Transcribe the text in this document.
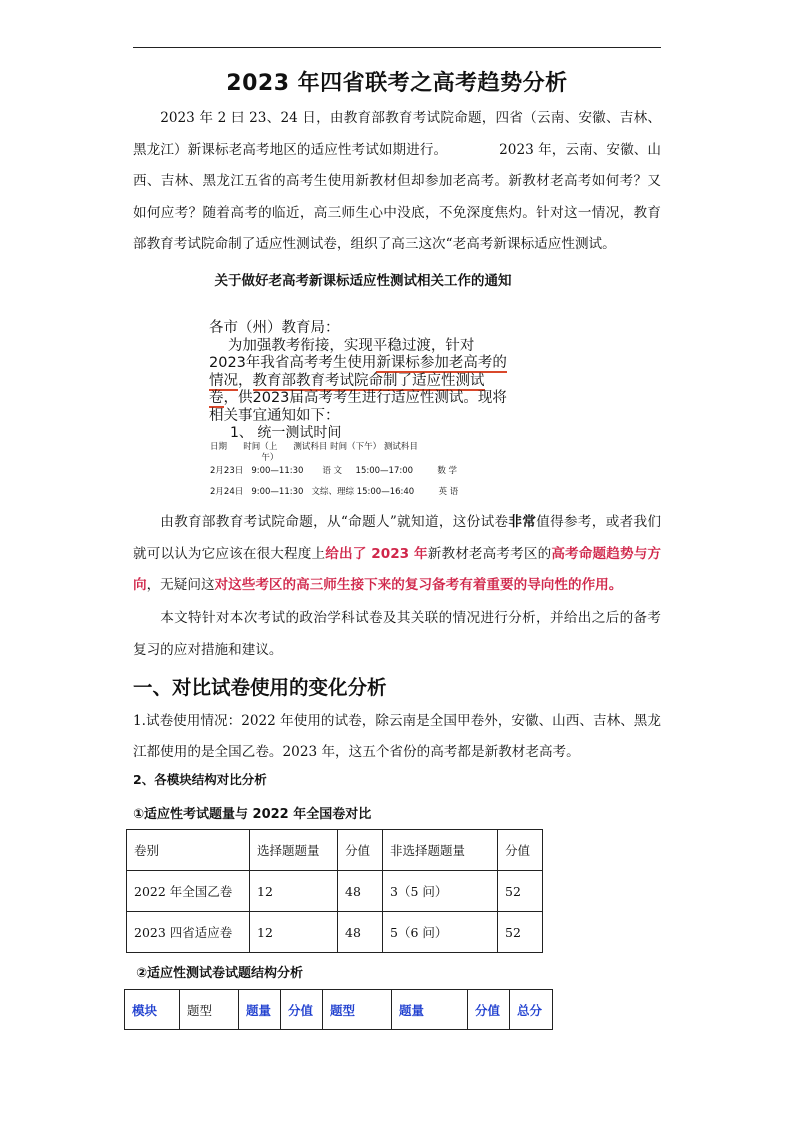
2023 年四省联考之高考趋势分析

2023 年 2 曰 23、24 日，由教育部教育考试院命题，四省（云南、安徽、吉林、黑龙江）新课标老高考地区的适应性考试如期进行。	2023 年，云南、安徽、山西、吉林、黑龙江五省的高考生使用新教材但却参加老高考。新教材老高考如何考？又如何应考？随着高考的临近，高三师生心中没底，不免深度焦灼。针对这一情况，教育部教育考试院命制了适应性测试卷，组织了高三这次“老高考新课标适应性测试。

关于做好老高考新课标适应性测试相关工作的通知
各市（州）教育局：
为加强教考衔接，实现平稳过渡，针对2023年我省高考考生使用新课标参加老高考的情况，教育部教育考试院命制了适应性测试卷，供2023届高考考生进行适应性测试。现将相关事宜通知如下：
1、 统一测试时间
日期      时间（上      测试科目 时间（下午） 测试科目
午）
2月23日   9:00—11:30       语 文     15:00—17:00         数 学
2月24日   9:00—11:30   文综、理综 15:00—16:40         英 语

由教育部教育考试院命题，从“命题人”就知道，这份试卷非常值得参考，或者我们就可以认为它应该在很大程度上给出了 2023 年新教材老高考考区的高考命题趋势与方向，无疑问这对这些考区的高三师生接下来的复习备考有着重要的导向性的作用。

本文特针对本次考试的政治学科试卷及其关联的情况进行分析，并给出之后的备考复习的应对措施和建议。

一、对比试卷使用的变化分析
1.试卷使用情况：2022 年使用的试卷，除云南是全国甲卷外，安徽、山西、吉林、黑龙江都使用的是全国乙卷。2023 年，这五个省份的高考都是新教材老高考。
2、各模块结构对比分析
①适应性考试题量与 2022 年全国卷对比
卷别	选择题题量	分值	非选择题题量	分值
2022 年全国乙卷	12	48	3（5 问）	52
2023 四省适应卷	12	48	5（6 问）	52
②适应性测试卷试题结构分析
模块	题型	题量	分值	题型	题量	分值	总分
